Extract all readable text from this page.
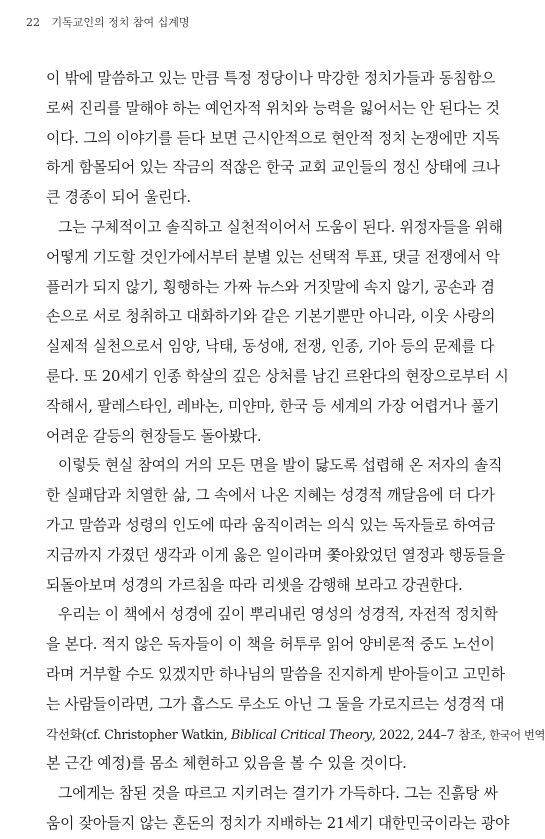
22 기독교인의 정치 참여 십계명
이 밖에 말씀하고 있는 만큼 특정 정당이나 막강한 정치가들과 동침함으
로써 진리를 말해야 하는 예언자적 위치와 능력을 잃어서는 안 된다는 것
이다. 그의 이야기를 듣다 보면 근시안적으로 현안적 정치 논쟁에만 지독
하게 함몰되어 있는 작금의 적잖은 한국 교회 교인들의 정신 상태에 크나
큰 경종이 되어 울린다.
그는 구체적이고 솔직하고 실천적이어서 도움이 된다. 위정자들을 위해
어떻게 기도할 것인가에서부터 분별 있는 선택적 투표, 댓글 전쟁에서 악
플러가 되지 않기, 횡행하는 가짜 뉴스와 거짓말에 속지 않기, 공손과 겸
손으로 서로 청취하고 대화하기와 같은 기본기뿐만 아니라, 이웃 사랑의
실제적 실천으로서 임양, 낙태, 동성애, 전쟁, 인종, 기아 등의 문제를 다
룬다. 또 20세기 인종 학살의 깊은 상처를 남긴 르완다의 현장으로부터 시
작해서, 팔레스타인, 레바논, 미얀마, 한국 등 세계의 가장 어렵거나 풀기
어려운 갈등의 현장들도 돌아봤다.
이렇듯 현실 참여의 거의 모든 면을 발이 닳도록 섭렵해 온 저자의 솔직
한 실패담과 치열한 삶, 그 속에서 나온 지혜는 성경적 깨달음에 더 다가
가고 말씀과 성령의 인도에 따라 움직이려는 의식 있는 독자들로 하여금
지금까지 가졌던 생각과 이게 옳은 일이라며 쫓아왔었던 열정과 행동들을
되돌아보며 성경의 가르침을 따라 리셋을 감행해 보라고 강권한다.
우리는 이 책에서 성경에 깊이 뿌리내린 영성의 성경적, 자전적 정치학
을 본다. 적지 않은 독자들이 이 책을 허투루 읽어 양비론적 중도 노선이
라며 거부할 수도 있겠지만 하나님의 말씀을 진지하게 받아들이고 고민하
는 사람들이라면, 그가 흡스도 루소도 아닌 그 둘을 가로지르는 성경적 대
각선화(cf. Christopher Watkin, Biblical Critical Theory, 2022, 244–7 참조, 한국어 번역
본 근간 예정)를 몸소 체현하고 있음을 볼 수 있을 것이다.
그에게는 참된 것을 따르고 지키려는 결기가 가득하다. 그는 진흙탕 싸
움이 잦아들지 않는 혼돈의 정치가 지배하는 21세기 대한민국이라는 광야
